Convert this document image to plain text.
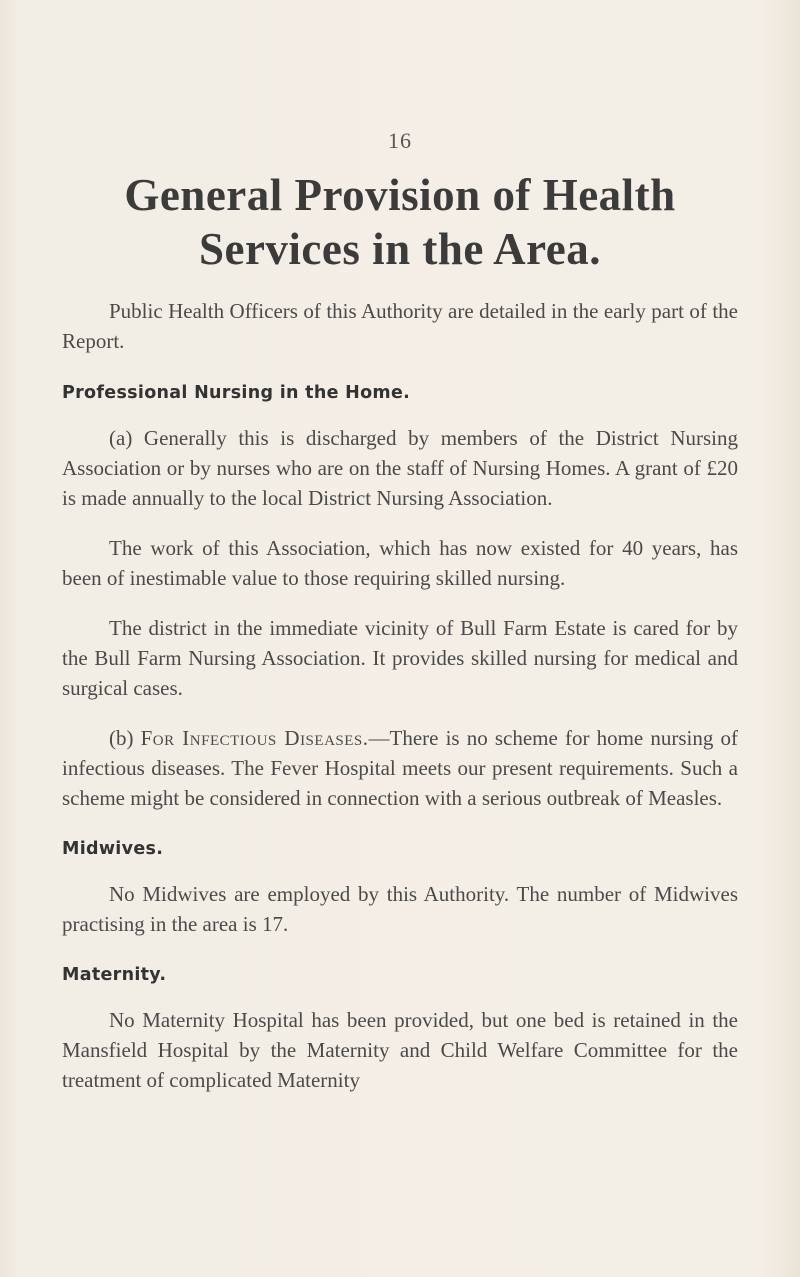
16
General Provision of Health
Services in the Area.

Public Health Officers of this Authority are detailed in the early part of the Report.

Professional Nursing in the Home.

(a) Generally this is discharged by members of the District Nursing Association or by nurses who are on the staff of Nursing Homes. A grant of £20 is made annually to the local District Nursing Association.

The work of this Association, which has now existed for 40 years, has been of inestimable value to those requiring skilled nursing.

The district in the immediate vicinity of Bull Farm Estate is cared for by the Bull Farm Nursing Association. It provides skilled nursing for medical and surgical cases.

(b) For Infectious Diseases.—There is no scheme for home nursing of infectious diseases. The Fever Hospital meets our present requirements. Such a scheme might be considered in connection with a serious outbreak of Measles.

Midwives.

No Midwives are employed by this Authority. The number of Midwives practising in the area is 17.

Maternity.

No Maternity Hospital has been provided, but one bed is retained in the Mansfield Hospital by the Maternity and Child Welfare Committee for the treatment of complicated Maternity
